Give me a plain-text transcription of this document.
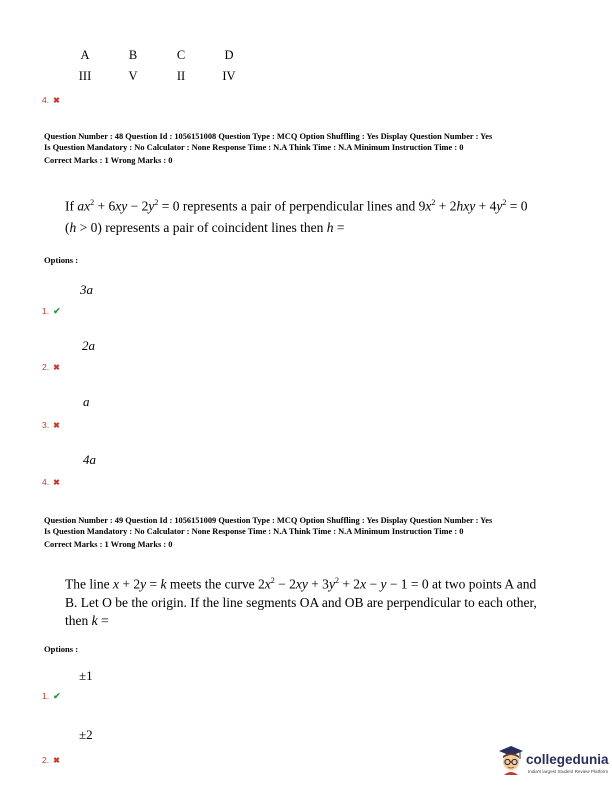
A	B	C	D
III	V	II	IV
4. ✖
Question Number : 48 Question Id : 1056151008 Question Type : MCQ Option Shuffling : Yes Display Question Number : Yes
Is Question Mandatory : No Calculator : None Response Time : N.A Think Time : N.A Minimum Instruction Time : 0
Correct Marks : 1 Wrong Marks : 0
If $ax^2 + 6xy - 2y^2 = 0$ represents a pair of perpendicular lines and $9x^2 + 2hxy + 4y^2 = 0$
(h > 0) represents a pair of coincident lines then h =
Options :
3a
1. ✔
2a
2. ✖
a
3. ✖
4a
4. ✖
Question Number : 49 Question Id : 1056151009 Question Type : MCQ Option Shuffling : Yes Display Question Number : Yes
Is Question Mandatory : No Calculator : None Response Time : N.A Think Time : N.A Minimum Instruction Time : 0
Correct Marks : 1 Wrong Marks : 0
The line x + 2y = k meets the curve $2x^2 - 2xy + 3y^2 + 2x - y - 1 = 0$ at two points A and
B. Let O be the origin. If the line segments OA and OB are perpendicular to each other,
then k =
Options :
±1
1. ✔
±2
2. ✖	collegedunia
India's largest Student Review Platform
